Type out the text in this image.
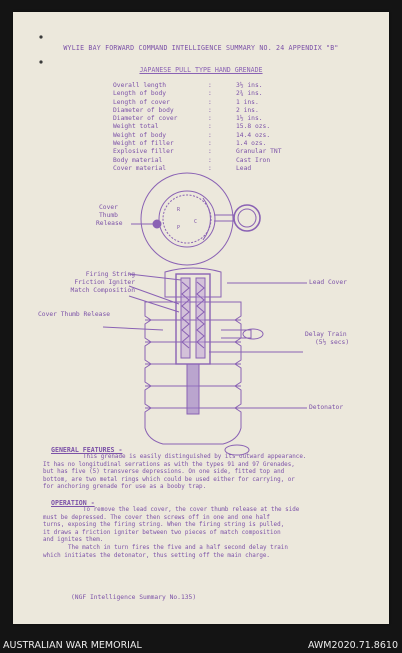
WYLIE BAY FORWARD COMMAND INTELLIGENCE SUMMARY NO. 24 APPENDIX "B"
JAPANESE PULL TYPE HAND GRENADE
Overall length	:	3½ ins.
Length of body	:	2¾ ins.
Length of cover	:	1 ins.
Diameter of body	:	2 ins.
Diameter of cover	:	1½ ins.
Weight total	:	15.8 ozs.
Weight of body	:	14.4 ozs.
Weight of filler	:	1.4 ozs.
Explosive filler	:	Granular TNT
Body material	:	Cast Iron
Cover material	:	Lead
R
C
P
Cover
Thumb
Release
Firing String
Friction Igniter
Match Composition
Cover Thumb Release
Lead Cover
Delay Train
(5½ secs)
Detonator
GENERAL FEATURES -
This grenade is easily distinguished by its outward appearance.
It has no longitudinal serrations as with the types 91 and 97 Grenades,
but has five (5) transverse depressions. On one side, fitted top and
bottom, are two metal rings which could be used either for carrying, or
for anchoring grenade for use as a booby trap.
OPERATION -
To remove the lead cover, the cover thumb release at the side
must be depressed. The cover then screws off in one and one half
turns, exposing the firing string. When the firing string is pulled,
it draws a friction igniter between two pieces of match composition
and ignites them.
The match in turn fires the five and a half second delay train
which initiates the detonator, thus setting off the main charge.
(NGF Intelligence Summary No.135)
AUSTRALIAN WAR MEMORIAL	AWM2020.71.8610
